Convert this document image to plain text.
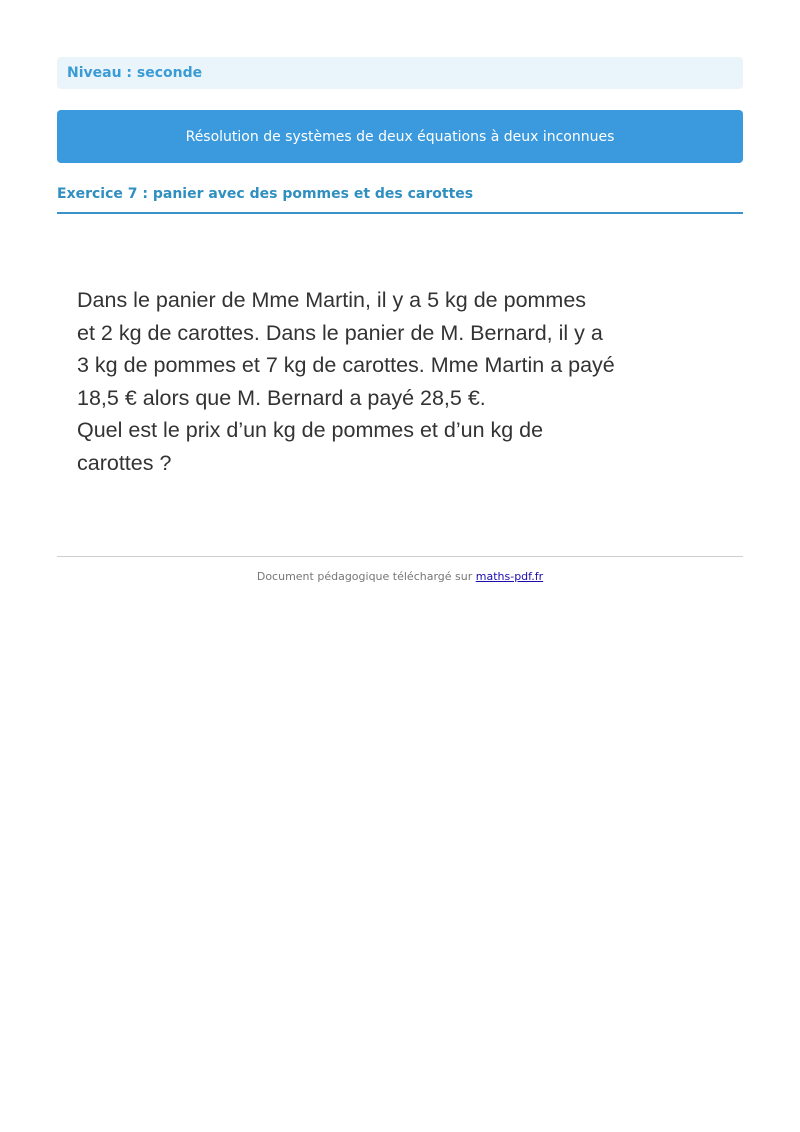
Niveau : seconde
Résolution de systèmes de deux équations à deux inconnues
Exercice 7 : panier avec des pommes et des carottes
Dans le panier de Mme Martin, il y a 5 kg de pommes
et 2 kg de carottes. Dans le panier de M. Bernard, il y a
3 kg de pommes et 7 kg de carottes. Mme Martin a payé
18,5 € alors que M. Bernard a payé 28,5 €.
Quel est le prix d’un kg de pommes et d’un kg de
carottes ?
Document pédagogique téléchargé sur maths-pdf.fr
